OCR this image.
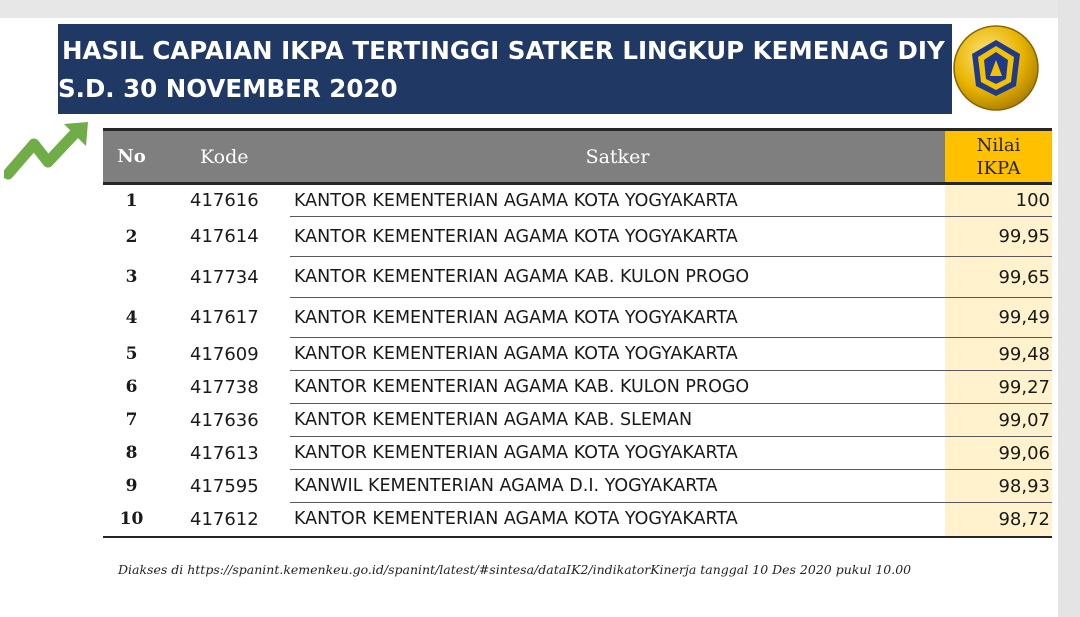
HASIL CAPAIAN IKPA TERTINGGI SATKER LINGKUP KEMENAG DIY
S.D. 30 NOVEMBER 2020
No	Kode	Satker	Nilai
IKPA

1	417616	KANTOR KEMENTERIAN AGAMA KOTA YOGYAKARTA	100
2	417614	KANTOR KEMENTERIAN AGAMA KOTA YOGYAKARTA	99,95
3	417734	KANTOR KEMENTERIAN AGAMA KAB. KULON PROGO	99,65
4	417617	KANTOR KEMENTERIAN AGAMA KOTA YOGYAKARTA	99,49
5	417609	KANTOR KEMENTERIAN AGAMA KOTA YOGYAKARTA	99,48
6	417738	KANTOR KEMENTERIAN AGAMA KAB. KULON PROGO	99,27
7	417636	KANTOR KEMENTERIAN AGAMA KAB. SLEMAN	99,07
8	417613	KANTOR KEMENTERIAN AGAMA KOTA YOGYAKARTA	99,06
9	417595	KANWIL KEMENTERIAN AGAMA D.I. YOGYAKARTA	98,93
10	417612	KANTOR KEMENTERIAN AGAMA KOTA YOGYAKARTA	98,72
Diakses di https://spanint.kemenkeu.go.id/spanint/latest/#sintesa/dataIK2/indikatorKinerja tanggal 10 Des 2020 pukul 10.00
